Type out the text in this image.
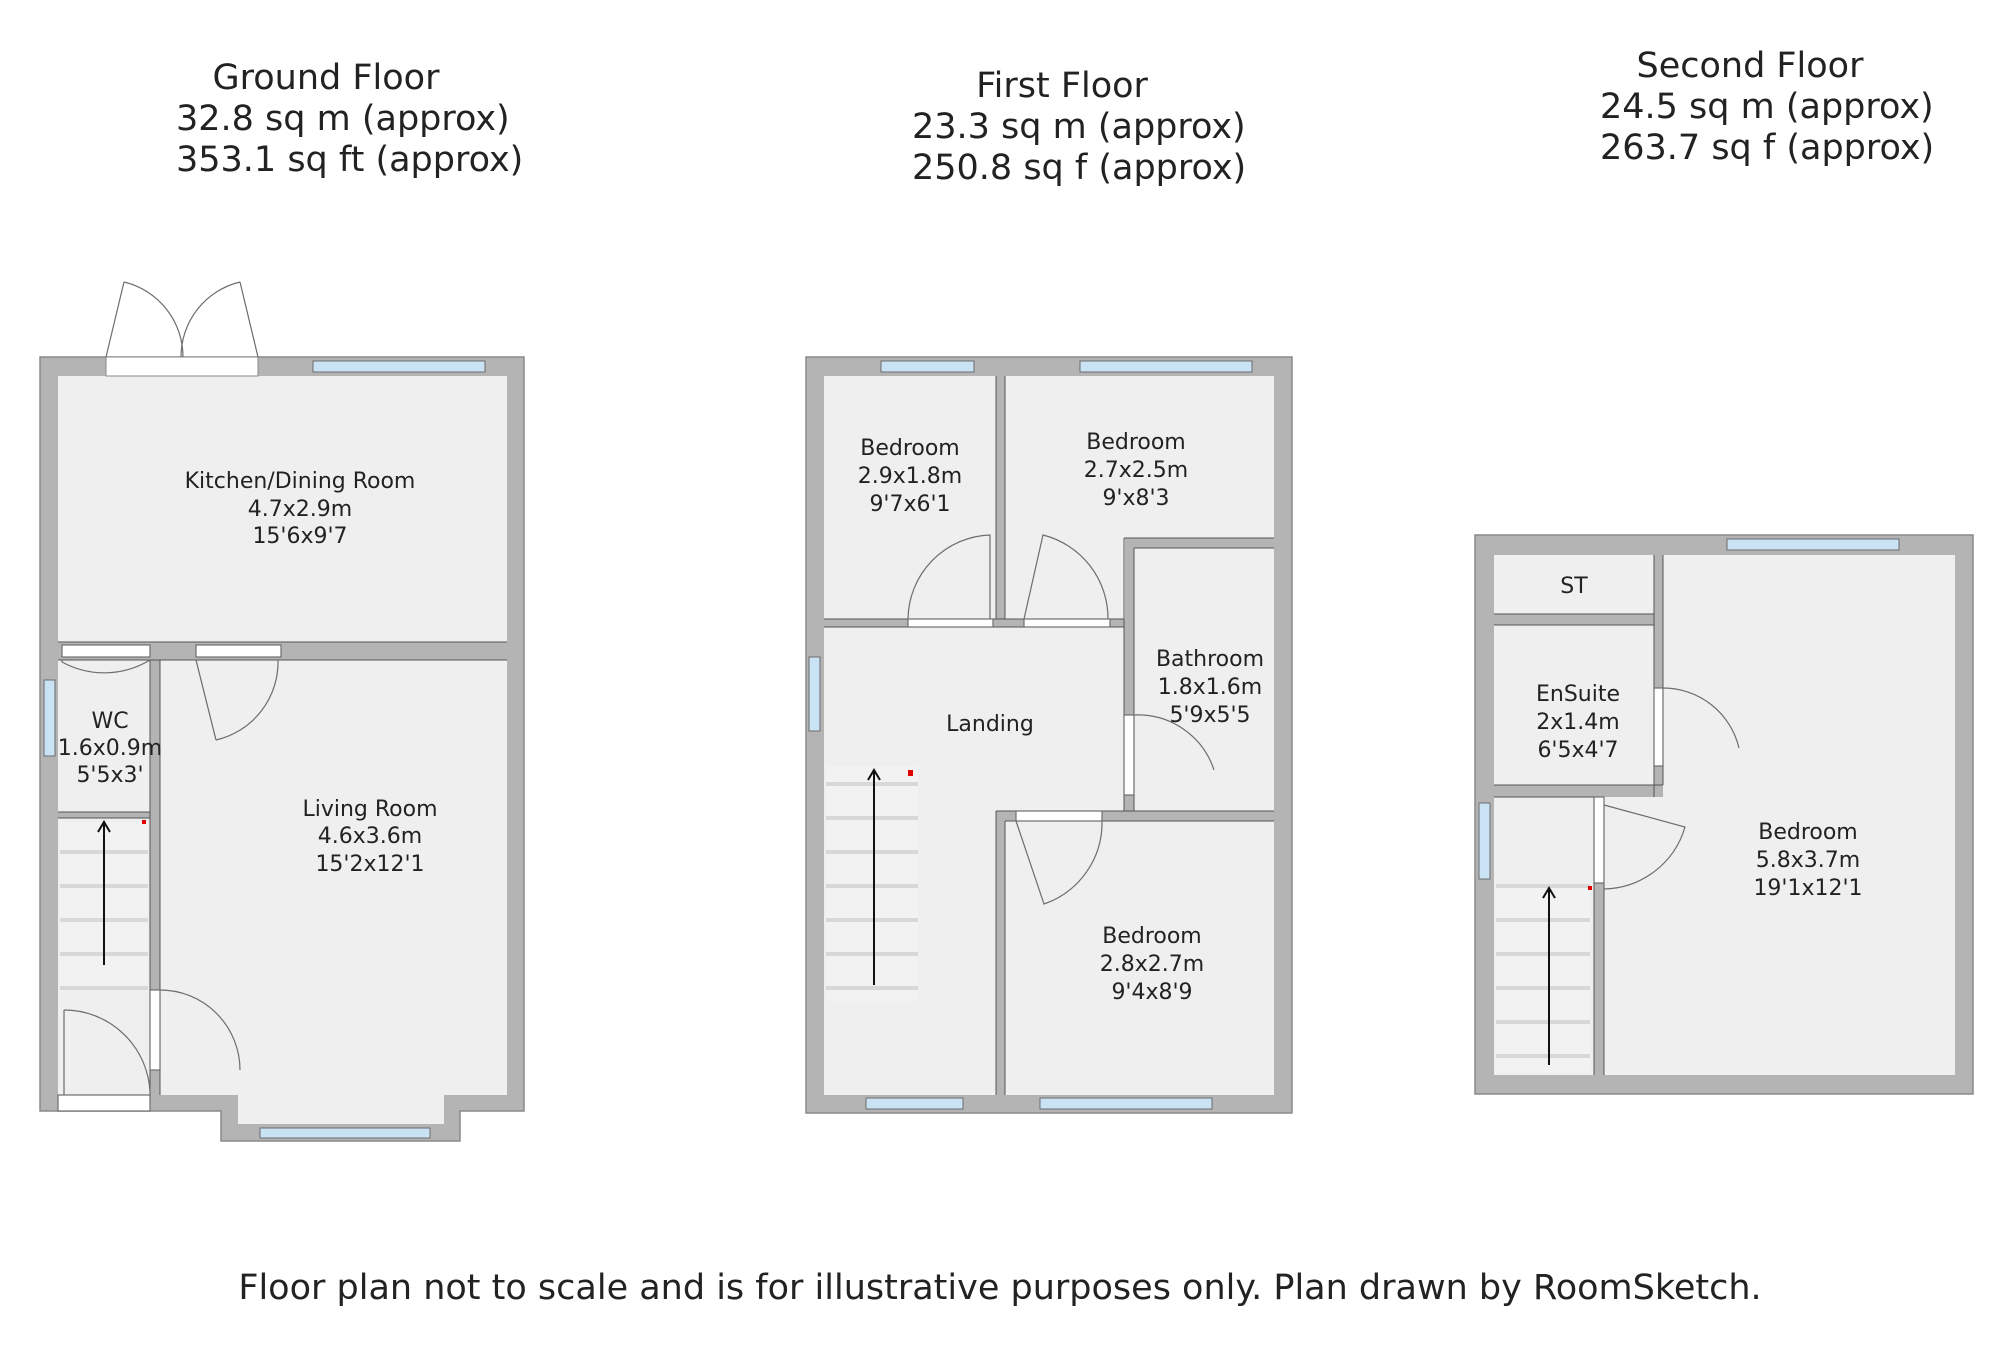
Ground Floor
32.8 sq m (approx)
353.1 sq ft (approx)
First Floor
23.3 sq m (approx)
250.8 sq f (approx)
Second Floor
24.5 sq m (approx)
263.7 sq f (approx)
Kitchen/Dining Room
4.7x2.9m
15'6x9'7
WC
1.6x0.9m
5'5x3'
Living Room
4.6x3.6m
15'2x12'1
Bedroom
2.9x1.8m
9'7x6'1
Bedroom
2.7x2.5m
9'x8'3
Landing
Bathroom
1.8x1.6m
5'9x5'5
Bedroom
2.8x2.7m
9'4x8'9
ST
EnSuite
2x1.4m
6'5x4'7
Bedroom
5.8x3.7m
19'1x12'1
Floor plan not to scale and is for illustrative purposes only. Plan drawn by RoomSketch.
